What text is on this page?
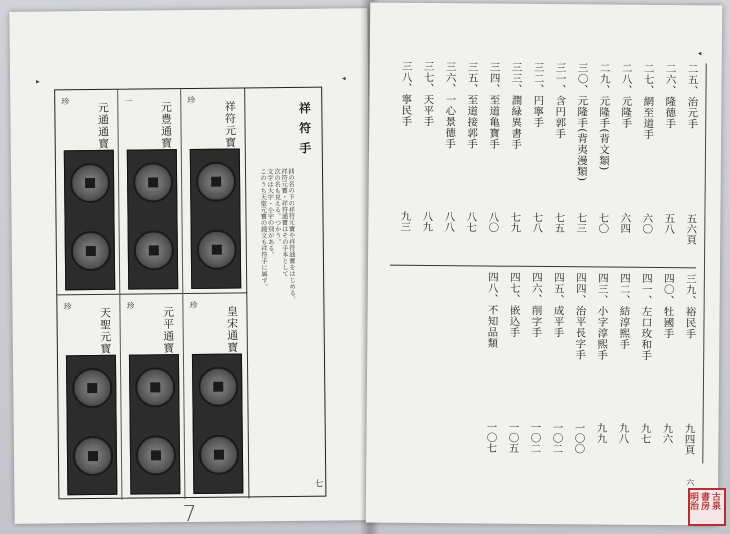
▸	◂
珍
元通通寳
一
元豊通寳
珍
祥符元寳
珍
天聖元寳
珍
元平通寳
珍
皇宋通寳
祥符手
銭の名の下の祥符元寳や祥符通寳をはじめる。
祥符元寳・祥符通寳はその手本として
次の名も見える。つかう。
文字は大字・小字の別がある。
このうち天聖元寳の錢文も祥符手に属す。
七
7
◂
二五、治元手
五六頁
二六、隆德手
五八
二七、網至道手
六〇
二八、元隆手
六四
二九、元隆手(背文類)
七〇
三〇、元隆手(背夷漫類)
七三
三一、含円郭手
七五
三二、円寧手
七八
三三、潤緑異書手
七九
三四、至道亀寳手
八〇
三五、至道接郭手
八七
三六、一心景德手
八八
三七、天平手
八九
三八、寧民手
九三
三九、裕民手
九四頁
四〇、牡國手
九六
四一、左口玫和手
九七
四二、結淳熙手
九八
四三、小字淳熙手
九九
四四、治平長字手
一〇〇
四五、成平手
一〇二
四六、削字手
一〇二
四七、嵌込手
一〇五
四八、不知品類
一〇七
六
古泉
書房
明治
